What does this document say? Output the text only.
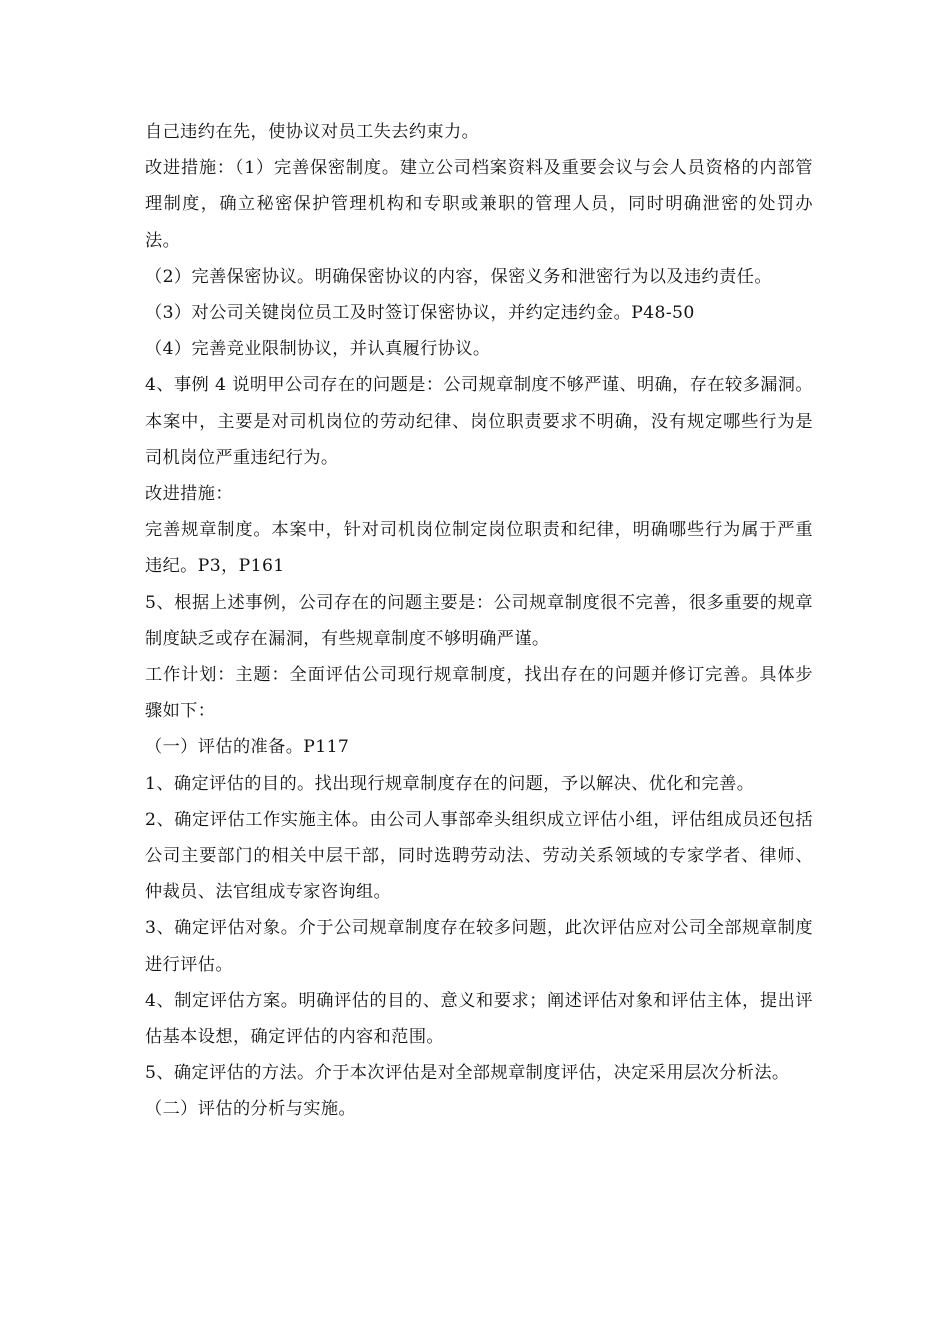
自己违约在先，使协议对员工失去约束力。

改进措施：（1）完善保密制度。建立公司档案资料及重要会议与会人员资格的内部管理制度，确立秘密保护管理机构和专职或兼职的管理人员，同时明确泄密的处罚办法。

（2）完善保密协议。明确保密协议的内容，保密义务和泄密行为以及违约责任。

（3）对公司关键岗位员工及时签订保密协议，并约定违约金。P48-50

（4）完善竞业限制协议，并认真履行协议。

4、事例 4 说明甲公司存在的问题是：公司规章制度不够严谨、明确，存在较多漏洞。本案中，主要是对司机岗位的劳动纪律、岗位职责要求不明确，没有规定哪些行为是司机岗位严重违纪行为。

改进措施：

完善规章制度。本案中，针对司机岗位制定岗位职责和纪律，明确哪些行为属于严重违纪。P3，P161

5、根据上述事例，公司存在的问题主要是：公司规章制度很不完善，很多重要的规章制度缺乏或存在漏洞，有些规章制度不够明确严谨。

工作计划：主题：全面评估公司现行规章制度，找出存在的问题并修订完善。具体步骤如下：

（一）评估的准备。P117

1、确定评估的目的。找出现行规章制度存在的问题，予以解决、优化和完善。

2、确定评估工作实施主体。由公司人事部牵头组织成立评估小组，评估组成员还包括公司主要部门的相关中层干部，同时选聘劳动法、劳动关系领域的专家学者、律师、仲裁员、法官组成专家咨询组。

3、确定评估对象。介于公司规章制度存在较多问题，此次评估应对公司全部规章制度进行评估。

4、制定评估方案。明确评估的目的、意义和要求；阐述评估对象和评估主体，提出评估基本设想，确定评估的内容和范围。

5、确定评估的方法。介于本次评估是对全部规章制度评估，决定采用层次分析法。

（二）评估的分析与实施。
